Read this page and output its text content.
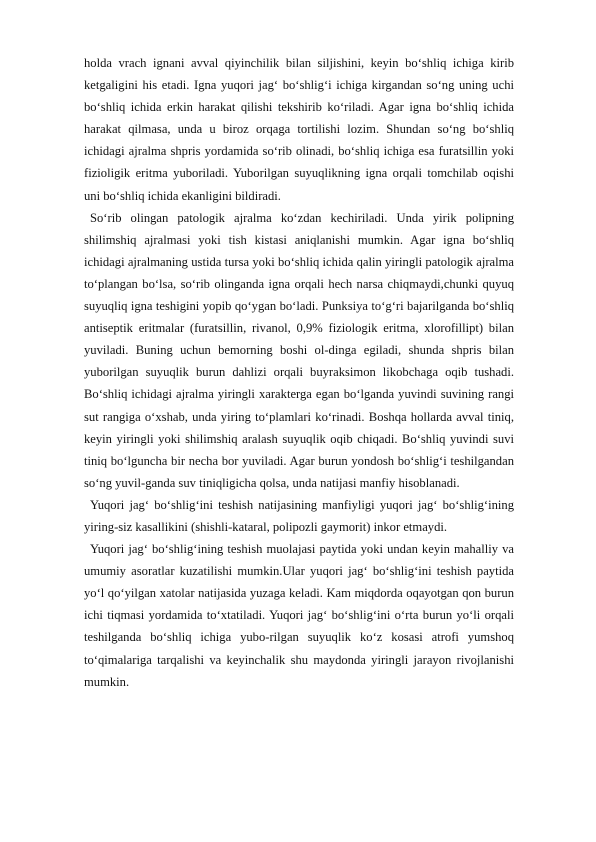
holda vrach ignani avval qiyinchilik bilan siljishini, keyin bo‘shliq ichiga kirib ketgaligini his etadi. Igna yuqori jag‘ bo‘shlig‘i ichiga kirgandan so‘ng uning uchi bo‘shliq ichida erkin harakat qilishi tekshirib ko‘riladi. Agar igna bo‘shliq ichida harakat qilmasa, unda u biroz orqaga tortilishi lozim. Shundan so‘ng bo‘shliq ichidagi ajralma shpris yordamida so‘rib olinadi, bo‘shliq ichiga esa furatsillin yoki fizioligik eritma yuboriladi. Yuborilgan suyuqlikning igna orqali tomchilab oqishi uni bo‘shliq ichida ekanligini bildiradi.

So‘rib olingan patologik ajralma ko‘zdan kechiriladi. Unda yirik polipning shilimshiq ajralmasi yoki tish kistasi aniqlanishi mumkin. Agar igna bo‘shliq ichidagi ajralmaning ustida tursa yoki bo‘shliq ichida qalin yiringli patologik ajralma to‘plangan bo‘lsa, so‘rib olinganda igna orqali hech narsa chiqmaydi,chunki quyuq suyuqliq igna teshigini yopib qo‘ygan bo‘ladi. Punksiya to‘g‘ri bajarilganda bo‘shliq antiseptik eritmalar (furatsillin, rivanol, 0,9% fiziologik eritma, xlorofillipt) bilan yuviladi. Buning uchun bemorning boshi ol-dinga egiladi, shunda shpris bilan yuborilgan suyuqlik burun dahlizi orqali buyraksimon likobchaga oqib tushadi. Bo‘shliq ichidagi ajralma yiringli xarakterga egan bo‘lganda yuvindi suvining rangi sut rangiga o‘xshab, unda yiring to‘plamlari ko‘rinadi. Boshqa hollarda avval tiniq, keyin yiringli yoki shilimshiq aralash suyuqlik oqib chiqadi. Bo‘shliq yuvindi suvi tiniq bo‘lguncha bir necha bor yuviladi. Agar burun yondosh bo‘shlig‘i teshilgandan so‘ng yuvil-ganda suv tiniqligicha qolsa, unda natijasi manfiy hisoblanadi.

Yuqori jag‘ bo‘shlig‘ini teshish natijasining manfiyligi yuqori jag‘ bo‘shlig‘ining yiring-siz kasallikini (shishli-kataral, polipozli gaymorit) inkor etmaydi.

Yuqori jag‘ bo‘shlig‘ining teshish muolajasi paytida yoki undan keyin mahalliy va umumiy asoratlar kuzatilishi mumkin.Ular yuqori jag‘ bo‘shlig‘ini teshish paytida yo‘l qo‘yilgan xatolar natijasida yuzaga keladi. Kam miqdorda oqayotgan qon burun ichi tiqmasi yordamida to‘xtatiladi. Yuqori jag‘ bo‘shlig‘ini o‘rta burun yo‘li orqali teshilganda bo‘shliq ichiga yubo-rilgan suyuqlik ko‘z kosasi atrofi yumshoq to‘qimalariga tarqalishi va keyinchalik shu maydonda yiringli jarayon rivojlanishi mumkin.
